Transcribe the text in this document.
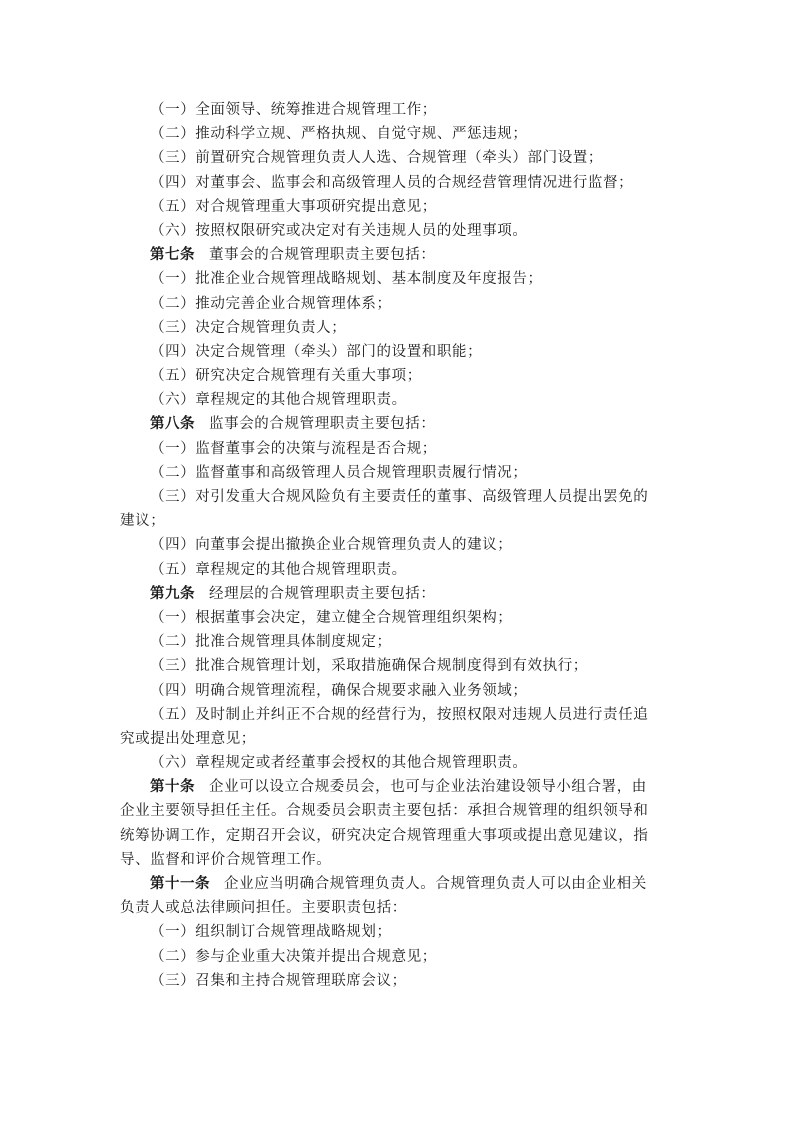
（一）全面领导、统筹推进合规管理工作；
（二）推动科学立规、严格执规、自觉守规、严惩违规；
（三）前置研究合规管理负责人人选、合规管理（牵头）部门设置；
（四）对董事会、监事会和高级管理人员的合规经营管理情况进行监督；
（五）对合规管理重大事项研究提出意见；
（六）按照权限研究或决定对有关违规人员的处理事项。
第七条 董事会的合规管理职责主要包括：
（一）批准企业合规管理战略规划、基本制度及年度报告；
（二）推动完善企业合规管理体系；
（三）决定合规管理负责人；
（四）决定合规管理（牵头）部门的设置和职能；
（五）研究决定合规管理有关重大事项；
（六）章程规定的其他合规管理职责。
第八条 监事会的合规管理职责主要包括：
（一）监督董事会的决策与流程是否合规；
（二）监督董事和高级管理人员合规管理职责履行情况；
（三）对引发重大合规风险负有主要责任的董事、高级管理人员提出罢免的
建议；
（四）向董事会提出撤换企业合规管理负责人的建议；
（五）章程规定的其他合规管理职责。
第九条 经理层的合规管理职责主要包括：
（一）根据董事会决定，建立健全合规管理组织架构；
（二）批准合规管理具体制度规定；
（三）批准合规管理计划，采取措施确保合规制度得到有效执行；
（四）明确合规管理流程，确保合规要求融入业务领域；
（五）及时制止并纠正不合规的经营行为，按照权限对违规人员进行责任追
究或提出处理意见；
（六）章程规定或者经董事会授权的其他合规管理职责。
第十条 企业可以设立合规委员会，也可与企业法治建设领导小组合署，由
企业主要领导担任主任。合规委员会职责主要包括：承担合规管理的组织领导和
统筹协调工作，定期召开会议，研究决定合规管理重大事项或提出意见建议，指
导、监督和评价合规管理工作。
第十一条 企业应当明确合规管理负责人。合规管理负责人可以由企业相关
负责人或总法律顾问担任。主要职责包括：
（一）组织制订合规管理战略规划；
（二）参与企业重大决策并提出合规意见；
（三）召集和主持合规管理联席会议；
